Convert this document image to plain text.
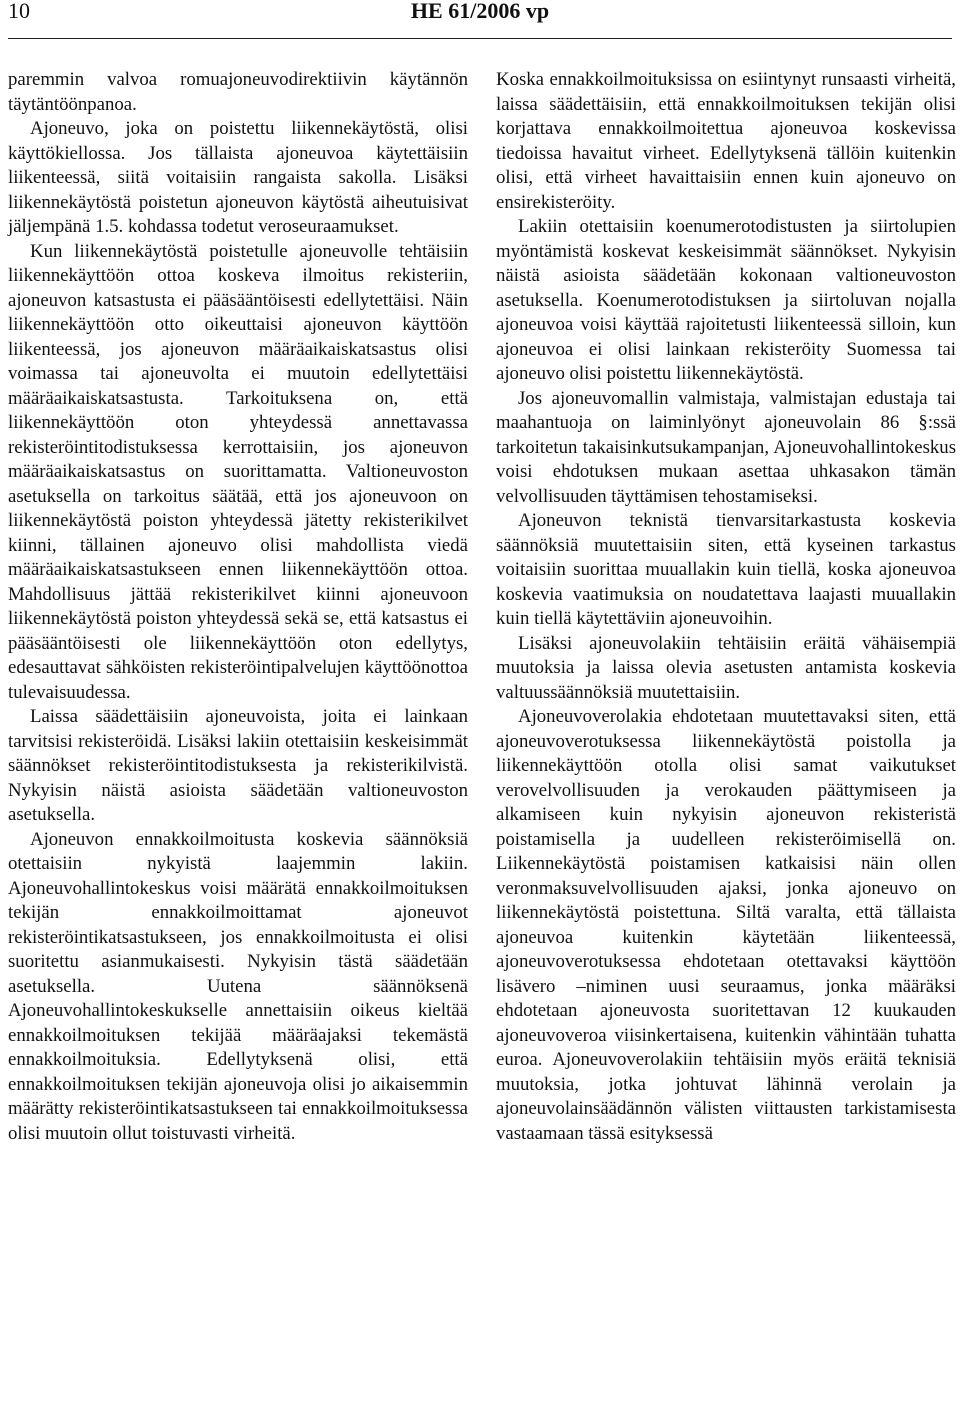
10	HE 61/2006 vp

paremmin valvoa romuajoneuvodirektiivin käytännön täytäntöönpanoa.

Ajoneuvo, joka on poistettu liikennekäytöstä, olisi käyttökiellossa. Jos tällaista ajoneuvoa käytettäisiin liikenteessä, siitä voitaisiin rangaista sakolla. Lisäksi liikennekäytöstä poistetun ajoneuvon käytöstä aiheutuisivat jäljempänä 1.5. kohdassa todetut veroseuraamukset.

Kun liikennekäytöstä poistetulle ajoneuvolle tehtäisiin liikennekäyttöön ottoa koskeva ilmoitus rekisteriin, ajoneuvon katsastusta ei pääsääntöisesti edellytettäisi. Näin liikennekäyttöön otto oikeuttaisi ajoneuvon käyttöön liikenteessä, jos ajoneuvon määräaikaiskatsastus olisi voimassa tai ajoneuvolta ei muutoin edellytettäisi määräaikaiskatsastusta. Tarkoituksena on, että liikennekäyttöön oton yhteydessä annettavassa rekisteröintitodistuksessa kerrottaisiin, jos ajoneuvon määräaikaiskatsastus on suorittamatta. Valtioneuvoston asetuksella on tarkoitus säätää, että jos ajoneuvoon on liikennekäytöstä poiston yhteydessä jätetty rekisterikilvet kiinni, tällainen ajoneuvo olisi mahdollista viedä määräaikaiskatsastukseen ennen liikennekäyttöön ottoa. Mahdollisuus jättää rekisterikilvet kiinni ajoneuvoon liikennekäytöstä poiston yhteydessä sekä se, että katsastus ei pääsääntöisesti ole liikennekäyttöön oton edellytys, edesauttavat sähköisten rekisteröintipalvelujen käyttöönottoa tulevaisuudessa.

Laissa säädettäisiin ajoneuvoista, joita ei lainkaan tarvitsisi rekisteröidä. Lisäksi lakiin otettaisiin keskeisimmät säännökset rekisteröintitodistuksesta ja rekisterikilvistä. Nykyisin näistä asioista säädetään valtioneuvoston asetuksella.

Ajoneuvon ennakkoilmoitusta koskevia säännöksiä otettaisiin nykyistä laajemmin lakiin. Ajoneuvohallintokeskus voisi määrätä ennakkoilmoituksen tekijän ennakkoilmoittamat ajoneuvot rekisteröintikatsastukseen, jos ennakkoilmoitusta ei olisi suoritettu asianmukaisesti. Nykyisin tästä säädetään asetuksella. Uutena säännöksenä Ajoneuvohallintokeskukselle annettaisiin oikeus kieltää ennakkoilmoituksen tekijää määräajaksi tekemästä ennakkoilmoituksia. Edellytyksenä olisi, että ennakkoilmoituksen tekijän ajoneuvoja olisi jo aikaisemmin määrätty rekisteröintikatsastukseen tai ennakkoilmoituksessa olisi muutoin ollut toistuvasti virheitä.

Koska ennakkoilmoituksissa on esiintynyt runsaasti virheitä, laissa säädettäisiin, että ennakkoilmoituksen tekijän olisi korjattava ennakkoilmoitettua ajoneuvoa koskevissa tiedoissa havaitut virheet. Edellytyksenä tällöin kuitenkin olisi, että virheet havaittaisiin ennen kuin ajoneuvo on ensirekisteröity.

Lakiin otettaisiin koenumerotodistusten ja siirtolupien myöntämistä koskevat keskeisimmät säännökset. Nykyisin näistä asioista säädetään kokonaan valtioneuvoston asetuksella. Koenumerotodistuksen ja siirtoluvan nojalla ajoneuvoa voisi käyttää rajoitetusti liikenteessä silloin, kun ajoneuvoa ei olisi lainkaan rekisteröity Suomessa tai ajoneuvo olisi poistettu liikennekäytöstä.

Jos ajoneuvomallin valmistaja, valmistajan edustaja tai maahantuoja on laiminlyönyt ajoneuvolain 86 §:ssä tarkoitetun takaisinkutsukampanjan, Ajoneuvohallintokeskus voisi ehdotuksen mukaan asettaa uhkasakon tämän velvollisuuden täyttämisen tehostamiseksi.

Ajoneuvon teknistä tienvarsitarkastusta koskevia säännöksiä muutettaisiin siten, että kyseinen tarkastus voitaisiin suorittaa muuallakin kuin tiellä, koska ajoneuvoa koskevia vaatimuksia on noudatettava laajasti muuallakin kuin tiellä käytettäviin ajoneuvoihin.

Lisäksi ajoneuvolakiin tehtäisiin eräitä vähäisempiä muutoksia ja laissa olevia asetusten antamista koskevia valtuussäännöksiä muutettaisiin.

Ajoneuvoverolakia ehdotetaan muutettavaksi siten, että ajoneuvoverotuksessa liikennekäytöstä poistolla ja liikennekäyttöön otolla olisi samat vaikutukset verovelvollisuuden ja verokauden päättymiseen ja alkamiseen kuin nykyisin ajoneuvon rekisteristä poistamisella ja uudelleen rekisteröimisellä on. Liikennekäytöstä poistamisen katkaisisi näin ollen veronmaksuvelvollisuuden ajaksi, jonka ajoneuvo on liikennekäytöstä poistettuna. Siltä varalta, että tällaista ajoneuvoa kuitenkin käytetään liikenteessä, ajoneuvoverotuksessa ehdotetaan otettavaksi käyttöön lisävero –niminen uusi seuraamus, jonka määräksi ehdotetaan ajoneuvosta suoritettavan 12 kuukauden ajoneuvoveroa viisinkertaisena, kuitenkin vähintään tuhatta euroa. Ajoneuvoverolakiin tehtäisiin myös eräitä teknisiä muutoksia, jotka johtuvat lähinnä verolain ja ajoneuvolainsäädännön välisten viittausten tarkistamisesta vastaamaan tässä esityksessä
